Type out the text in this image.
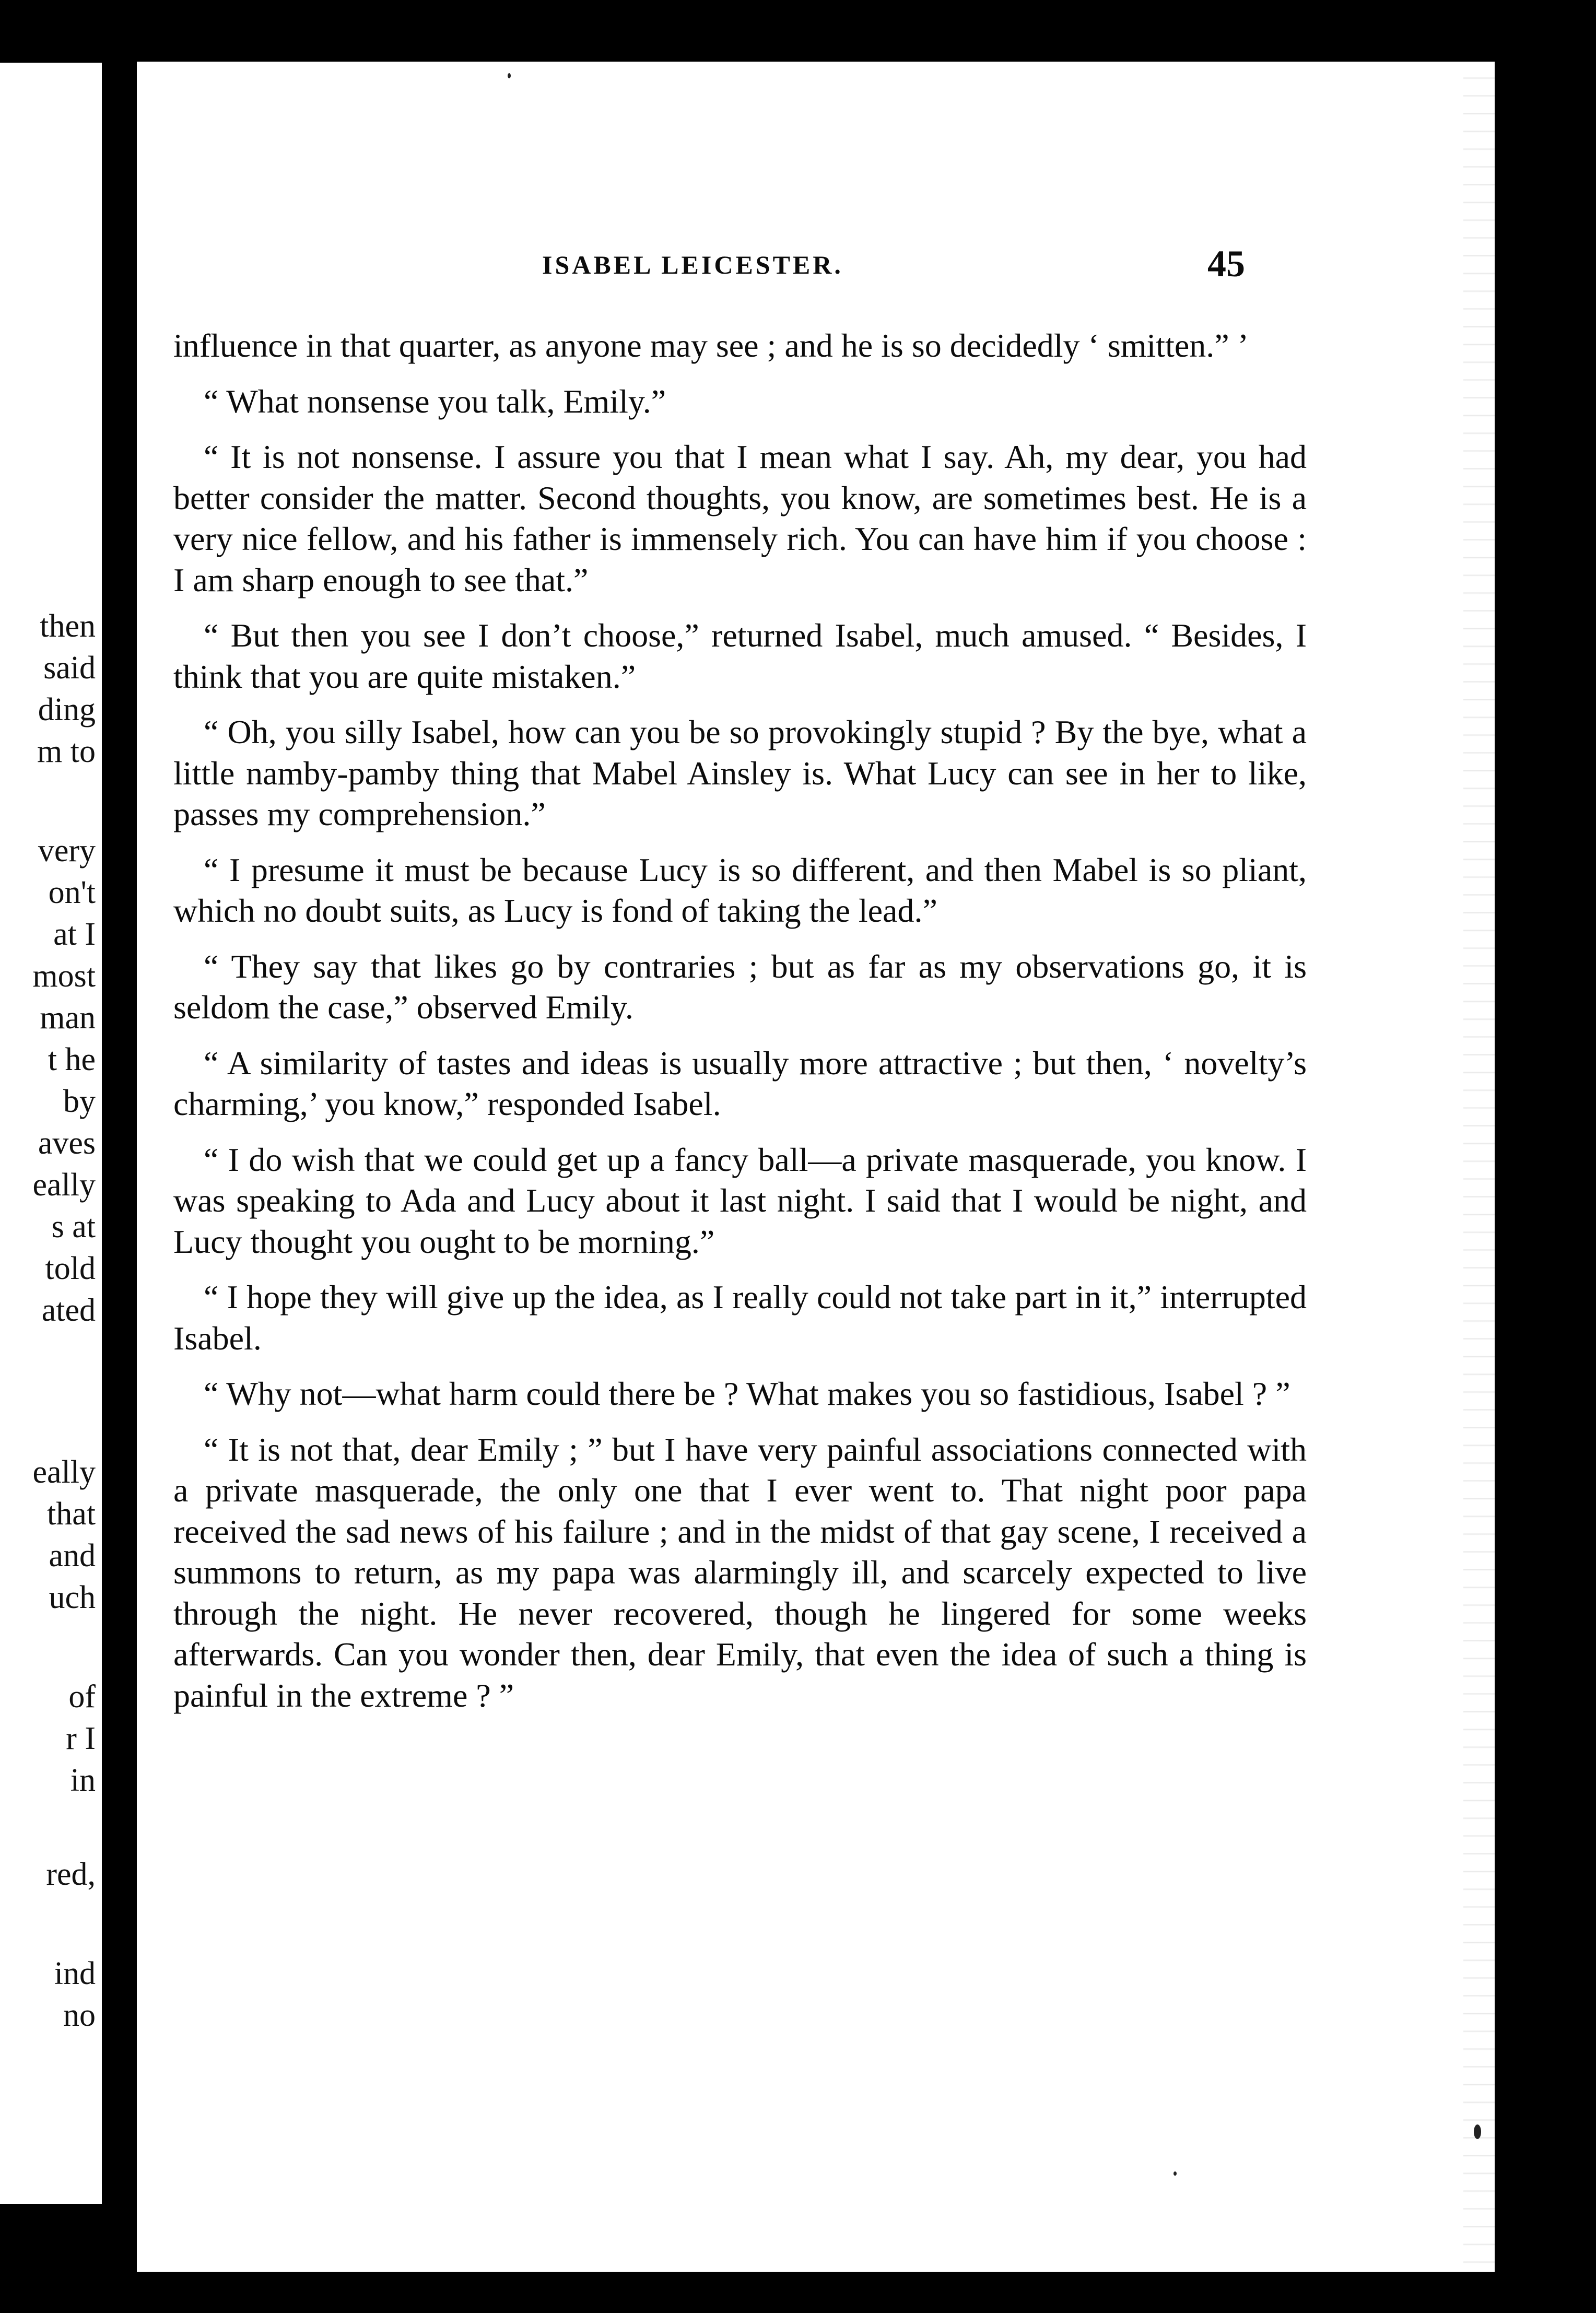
then
said
ding
m to
very
on't
at I
most
man
t he
by
aves
eally
s at
told
ated
eally
that
and
uch
of
r I
in
red,
ind
no
ISABEL LEICESTER.	45

influence in that quarter, as anyone may see ; and he is so decidedly ‘ smitten.” ’

“ What nonsense you talk, Emily.”

“ It is not nonsense. I assure you that I mean what I say. Ah, my dear, you had better consider the matter. Second thoughts, you know, are sometimes best. He is a very nice fellow, and his father is immensely rich. You can have him if you choose : I am sharp enough to see that.”

“ But then you see I don’t choose,” returned Isabel, much amused. “ Besides, I think that you are quite mistaken.”

“ Oh, you silly Isabel, how can you be so provokingly stupid ? By the bye, what a little namby-pamby thing that Mabel Ainsley is. What Lucy can see in her to like, passes my comprehension.”

“ I presume it must be because Lucy is so different, and then Mabel is so pliant, which no doubt suits, as Lucy is fond of taking the lead.”

“ They say that likes go by contraries ; but as far as my observations go, it is seldom the case,” observed Emily.

“ A similarity of tastes and ideas is usually more attractive ; but then, ‘ novelty’s charming,’ you know,” responded Isabel.

“ I do wish that we could get up a fancy ball—a private masquerade, you know. I was speaking to Ada and Lucy about it last night. I said that I would be night, and Lucy thought you ought to be morning.”

“ I hope they will give up the idea, as I really could not take part in it,” interrupted Isabel.

“ Why not—what harm could there be ? What makes you so fastidious, Isabel ? ”

“ It is not that, dear Emily ; ” but I have very painful associations connected with a private masquerade, the only one that I ever went to. That night poor papa received the sad news of his failure ; and in the midst of that gay scene, I received a summons to return, as my papa was alarmingly ill, and scarcely expected to live through the night. He never recovered, though he lingered for some weeks afterwards. Can you wonder then, dear Emily, that even the idea of such a thing is painful in the extreme ? ”
